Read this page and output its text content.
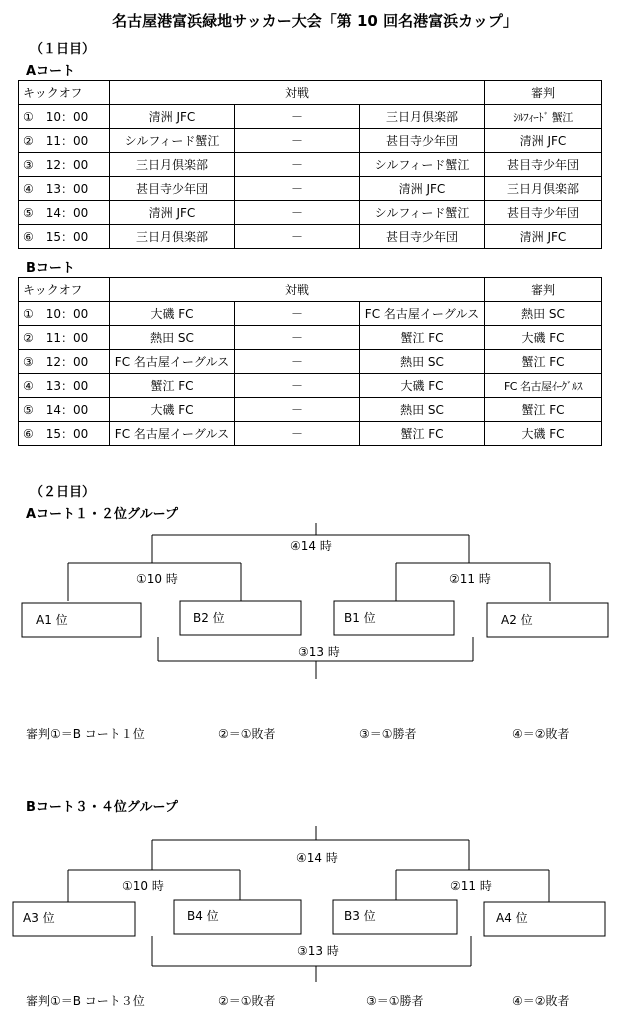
名古屋港富浜緑地サッカー大会「第 10 回名港富浜カップ」
（１日目）
Aコート
キックオフ	対戦			審判
①　10：00	清洲 JFC	－	三日月倶楽部	ｼﾙﾌｨｰﾄﾞ 蟹江
②　11：00	シルフィード蟹江	－	甚目寺少年団	清洲 JFC
③　12：00	三日月倶楽部	－	シルフィード蟹江	甚目寺少年団
④　13：00	甚目寺少年団	－	清洲 JFC	三日月倶楽部
⑤　14：00	清洲 JFC	－	シルフィード蟹江	甚目寺少年団
⑥　15：00	三日月倶楽部	－	甚目寺少年団	清洲 JFC
Bコート
キックオフ	対戦			審判
①　10：00	大磯 FC	－	FC 名古屋イーグルス	熱田 SC
②　11：00	熱田 SC	－	蟹江 FC	大磯 FC
③　12：00	FC 名古屋イーグルス	－	熱田 SC	蟹江 FC
④　13：00	蟹江 FC	－	大磯 FC	FC 名古屋ｲｰｸﾞﾙｽ
⑤　14：00	大磯 FC	－	熱田 SC	蟹江 FC
⑥　15：00	FC 名古屋イーグルス	－	蟹江 FC	大磯 FC
（２日目）
Aコート１・２位グループ
④14 時
①10 時	②11 時
A1 位	B2 位	B1 位	A2 位
③13 時
審判①＝B コート１位	②＝①敗者	③＝①勝者	④＝②敗者
Bコート３・４位グループ
④14 時
①10 時	②11 時
A3 位	B4 位	B3 位	A4 位
③13 時
審判①＝B コート３位	②＝①敗者	③＝①勝者	④＝②敗者
